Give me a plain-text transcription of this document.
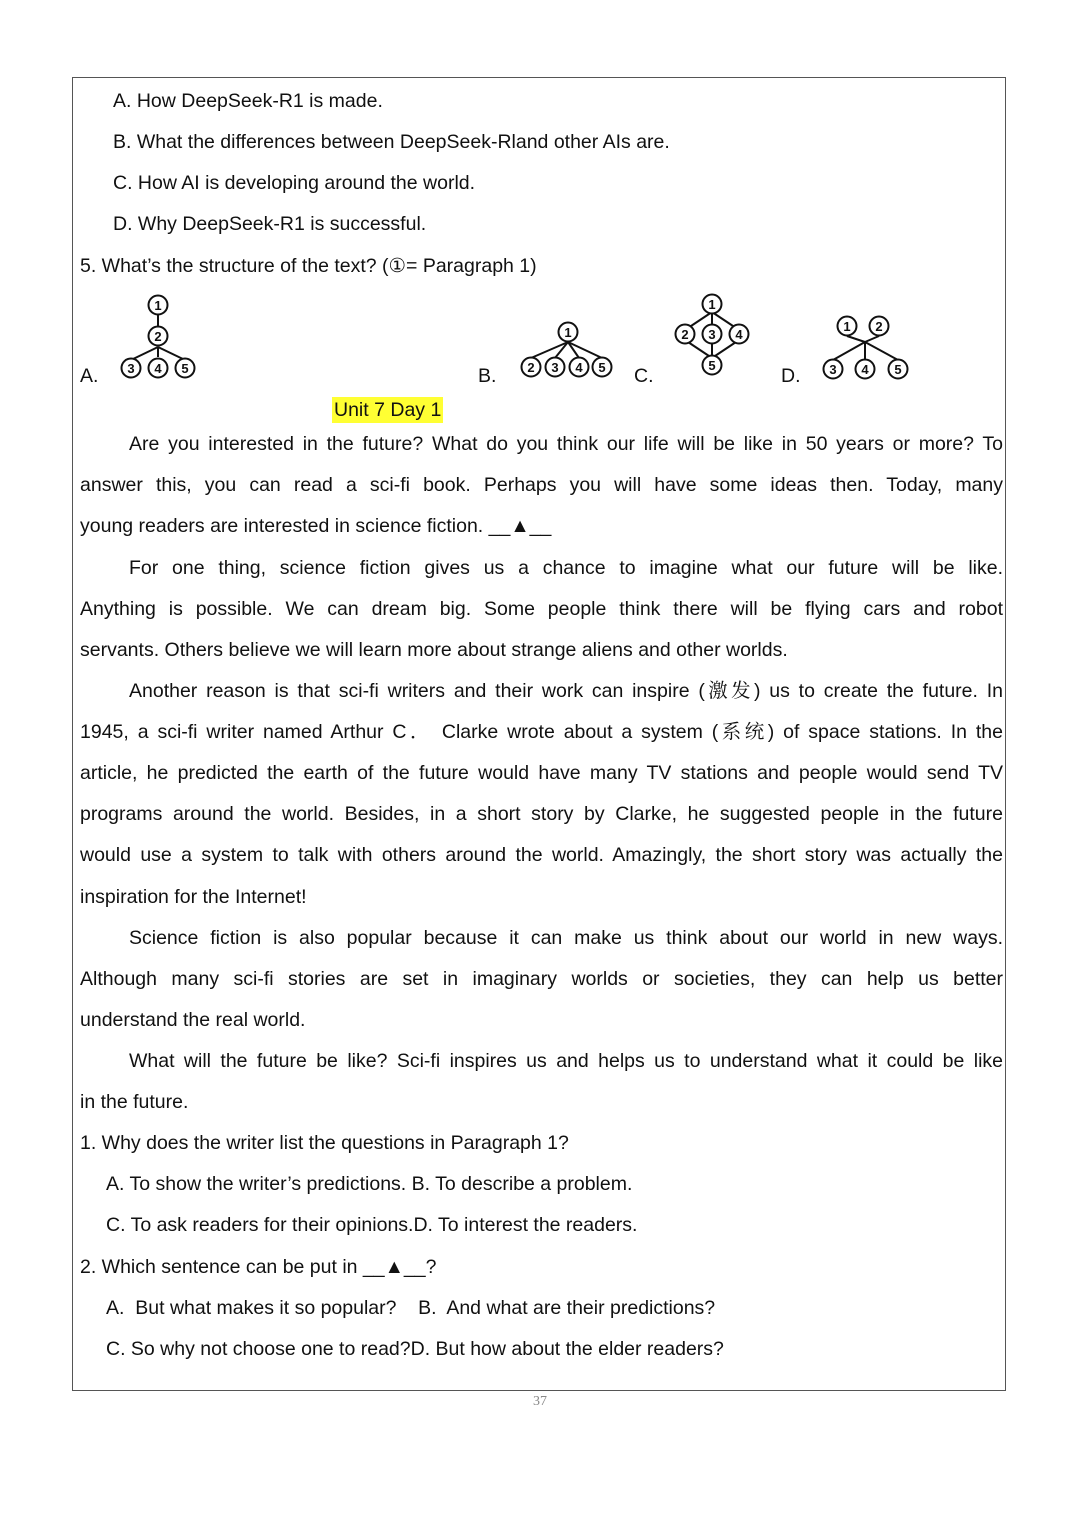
A. How DeepSeek-R1 is made.
B. What the differences between DeepSeek-Rland other AIs are.
C. How AI is developing around the world.
D. Why DeepSeek-R1 is successful.
5. What’s the structure of the text? (①= Paragraph 1)
A.	B.	C.	D.
1
2
3 4 5
1
2 3 4 5
1
2 3 4
5
1 2
3 4 5
Unit 7 Day 1
Are you interested in the future? What do you think our life will be like in 50 years or more? To
answer this, you can read a sci-fi book. Perhaps you will have some ideas then. Today, many
young readers are interested in science fiction. __▲__
For one thing, science fiction gives us a chance to imagine what our future will be like.
Anything is possible. We can dream big. Some people think there will be flying cars and robot
servants. Others believe we will learn more about strange aliens and other worlds.
Another reason is that sci-fi writers and their work can inspire (激发) us to create the future. In
1945, a sci-fi writer named Arthur C． Clarke wrote about a system (系统) of space stations. In the
article, he predicted the earth of the future would have many TV stations and people would send TV
programs around the world. Besides, in a short story by Clarke, he suggested people in the future
would use a system to talk with others around the world. Amazingly, the short story was actually the
inspiration for the Internet!
Science fiction is also popular because it can make us think about our world in new ways.
Although many sci-fi stories are set in imaginary worlds or societies, they can help us better
understand the real world.
What will the future be like? Sci-fi inspires us and helps us to understand what it could be like
in the future.
1. Why does the writer list the questions in Paragraph 1?
A. To show the writer’s predictions. B. To describe a problem.
C. To ask readers for their opinions.D. To interest the readers.
2. Which sentence can be put in __▲__?
A.  But what makes it so popular?    B.  And what are their predictions?
C. So why not choose one to read?D. But how about the elder readers?
37
